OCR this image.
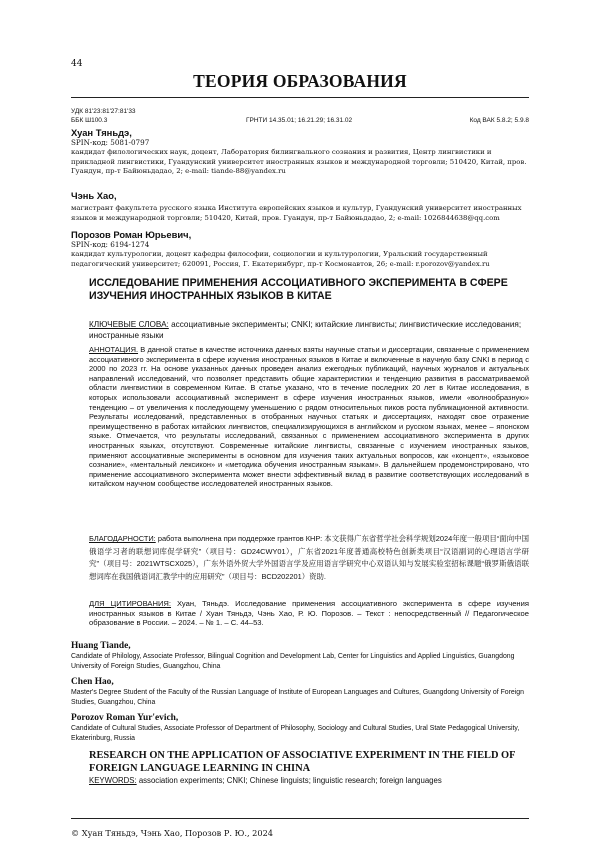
44
ТЕОРИЯ ОБРАЗОВАНИЯ
УДК 81'23:81'27:81'33
ББК Ш100.3	ГРНТИ 14.35.01; 16.21.29; 16.31.02	Код ВАК 5.8.2; 5.9.8
Хуан Тяньдэ,
SPIN-код: 5081-0797
кандидат филологических наук, доцент, Лаборатория билингвального сознания и развития, Центр лингвистики и прикладной лингвистики, Гуандунский университет иностранных языков и международной торговли; 510420, Китай, пров. Гуандун, пр-т Байюньдадао, 2; e-mail: tiande-88@yandex.ru
Чэнь Хао,
магистрант факультета русского языка Института европейских языков и культур, Гуандунский университет иностранных языков и международной торговли; 510420, Китай, пров. Гуандун, пр-т Байюньдадао, 2; e-mail: 1026844638@qq.com
Порозов Роман Юрьевич,
SPIN-код: 6194-1274
кандидат культурологии, доцент кафедры философии, социологии и культурологии, Уральский государственный педагогический университет; 620091, Россия, Г. Екатеринбург, пр-т Космонавтов, 26; e-mail: r.porozov@yandex.ru
ИССЛЕДОВАНИЕ ПРИМЕНЕНИЯ АССОЦИАТИВНОГО ЭКСПЕРИМЕНТА В СФЕРЕ ИЗУЧЕНИЯ ИНОСТРАННЫХ ЯЗЫКОВ В КИТАЕ
КЛЮЧЕВЫЕ СЛОВА: ассоциативные эксперименты; CNKI; китайские лингвисты; лингвистические исследования; иностранные языки
АННОТАЦИЯ. В данной статье в качестве источника данных взяты научные статьи и диссертации, связанные с применением ассоциативного эксперимента в сфере изучения иностранных языков в Китае и включенные в научную базу CNKI в период с 2000 по 2023 гг. На основе указанных данных проведен анализ ежегодных публикаций, научных журналов и актуальных направлений исследований, что позволяет представить общие характеристики и тенденцию развития в рассматриваемой области лингвистики в современном Китае. В статье указано, что в течение последних 20 лет в Китае исследования, в которых использовали ассоциативный эксперимент в сфере изучения иностранных языков, имели «волнообразную» тенденцию – от увеличения к последующему уменьшению с рядом относительных пиков роста публикационной активности. Результаты исследований, представленных в отобранных научных статьях и диссертациях, находят свое отражение преимущественно в работах китайских лингвистов, специализирующихся в английском и русском языках, менее – японском языке. Отмечается, что результаты исследований, связанных с применением ассоциативного эксперимента в других иностранных языках, отсутствуют. Современные китайские лингвисты, связанные с изучением иностранных языков, применяют ассоциативные эксперименты в основном для изучения таких актуальных вопросов, как «концепт», «языковое сознание», «ментальный лексикон» и «методика обучения иностранным языкам». В дальнейшем продемонстрировано, что применение ассоциативного эксперимента может внести эффективный вклад в развитие соответствующих исследований в китайском научном сообществе исследователей иностранных языков.
БЛАГОДАРНОСТИ: работа выполнена при поддержке грантов КНР: 本文获得广东省哲学社会科学规划2024年度一般项目“面向中国俄语学习者的联想词库促学研究”（项目号：GD24CWY01），广东省2021年度普通高校特色创新类项目“汉语副词的心理语言学研究”（项目号：2021WTSCX025），广东外语外贸大学外国语言学及应用语言学研究中心双语认知与发展实验室招标课题“俄罗斯俄语联想词库在我国俄语词汇教学中的应用研究”（项目号：BCD202201）资助.
ДЛЯ ЦИТИРОВАНИЯ: Хуан, Тяньдэ. Исследование применения ассоциативного эксперимента в сфере изучения иностранных языков в Китае / Хуан Тяньдэ, Чэнь Хао, Р. Ю. Порозов. – Текст : непосредственный // Педагогическое образование в России. – 2024. – № 1. – С. 44–53.
Huang Tiande,
Candidate of Philology, Associate Professor, Bilingual Cognition and Development Lab, Center for Linguistics and Applied Linguistics, Guangdong University of Foreign Studies, Guangzhou, China
Chen Hao,
Master's Degree Student of the Faculty of the Russian Language of Institute of European Languages and Cultures, Guangdong University of Foreign Studies, Guangzhou, China
Porozov Roman Yur'evich,
Candidate of Cultural Studies, Associate Professor of Department of Philosophy, Sociology and Cultural Studies, Ural State Pedagogical University, Ekaterinburg, Russia
RESEARCH ON THE APPLICATION OF ASSOCIATIVE EXPERIMENT IN THE FIELD OF FOREIGN LANGUAGE LEARNING IN CHINA
KEYWORDS: association experiments; CNKI; Chinese linguists; linguistic research; foreign languages
© Хуан Тяньдэ, Чэнь Хао, Порозов Р. Ю., 2024
